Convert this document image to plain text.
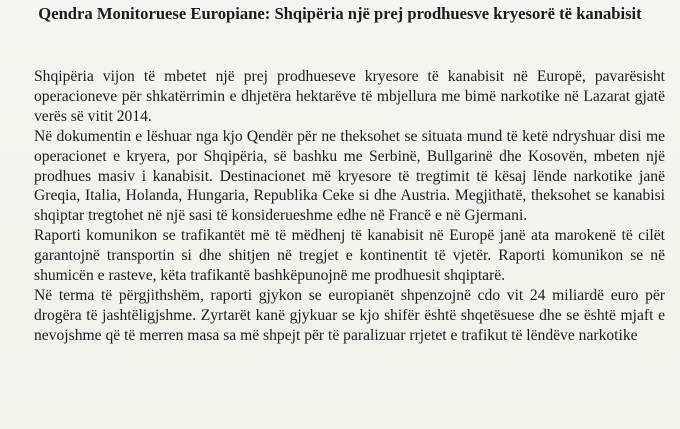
Qendra Monitoruese Europiane: Shqipëria një prej prodhuesve kryesorë të kanabisit

Shqipëria vijon të mbetet një prej prodhueseve kryesore të kanabisit në Europë, pavarësisht operacioneve për shkatërrimin e dhjetëra hektarëve të mbjellura me bimë narkotike në Lazarat gjatë verës së vitit 2014.

Në dokumentin e lëshuar nga kjo Qendër për ne theksohet se situata mund të ketë ndryshuar disi me operacionet e kryera, por Shqipëria, së bashku me Serbinë, Bullgarinë dhe Kosovën, mbeten një prodhues masiv i kanabisit. Destinacionet më kryesore të tregtimit të kësaj lënde narkotike janë Greqia, Italia, Holanda, Hungaria, Republika Ceke si dhe Austria. Megjithatë, theksohet se kanabisi shqiptar tregtohet në një sasi të konsiderueshme edhe në Francë e në Gjermani.

Raporti komunikon se trafikantët më të mëdhenj të kanabisit në Europë janë ata marokenë të cilët garantojnë transportin si dhe shitjen në tregjet e kontinentit të vjetër. Raporti komunikon se në shumicën e rasteve, këta trafikantë bashkëpunojnë me prodhuesit shqiptarë.

Në terma të përgjithshëm, raporti gjykon se europianët shpenzojnë cdo vit 24 miliardë euro për drogëra të jashtëligjshme. Zyrtarët kanë gjykuar se kjo shifër është shqetësuese dhe se është mjaft e nevojshme që të merren masa sa më shpejt për të paralizuar rrjetet e trafikut të lëndëve narkotike
